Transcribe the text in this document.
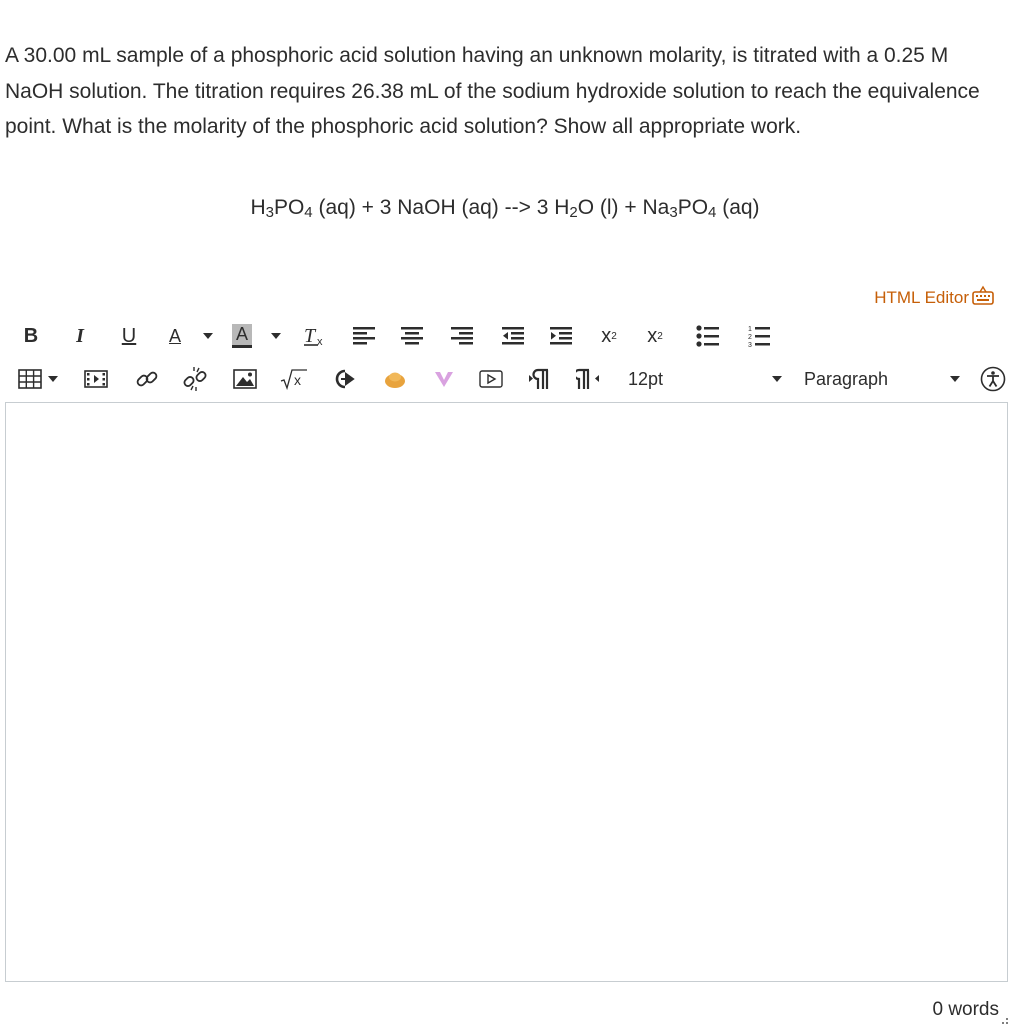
A 30.00 mL sample of a phosphoric acid solution having an unknown molarity, is titrated with a 0.25 M NaOH solution. The titration requires 26.38 mL of the sodium hydroxide solution to reach the equivalence point. What is the molarity of the phosphoric acid solution? Show all appropriate work.

$H_3PO_4$ (aq) + 3 NaOH (aq) --> 3 $H_2O$ $(l) + Na_3PO_4$ (aq)
HTML Editor
B	I	U	A	A	T x	x 2 x 2
1
2
3
x	12pt	Paragraph
0 words
